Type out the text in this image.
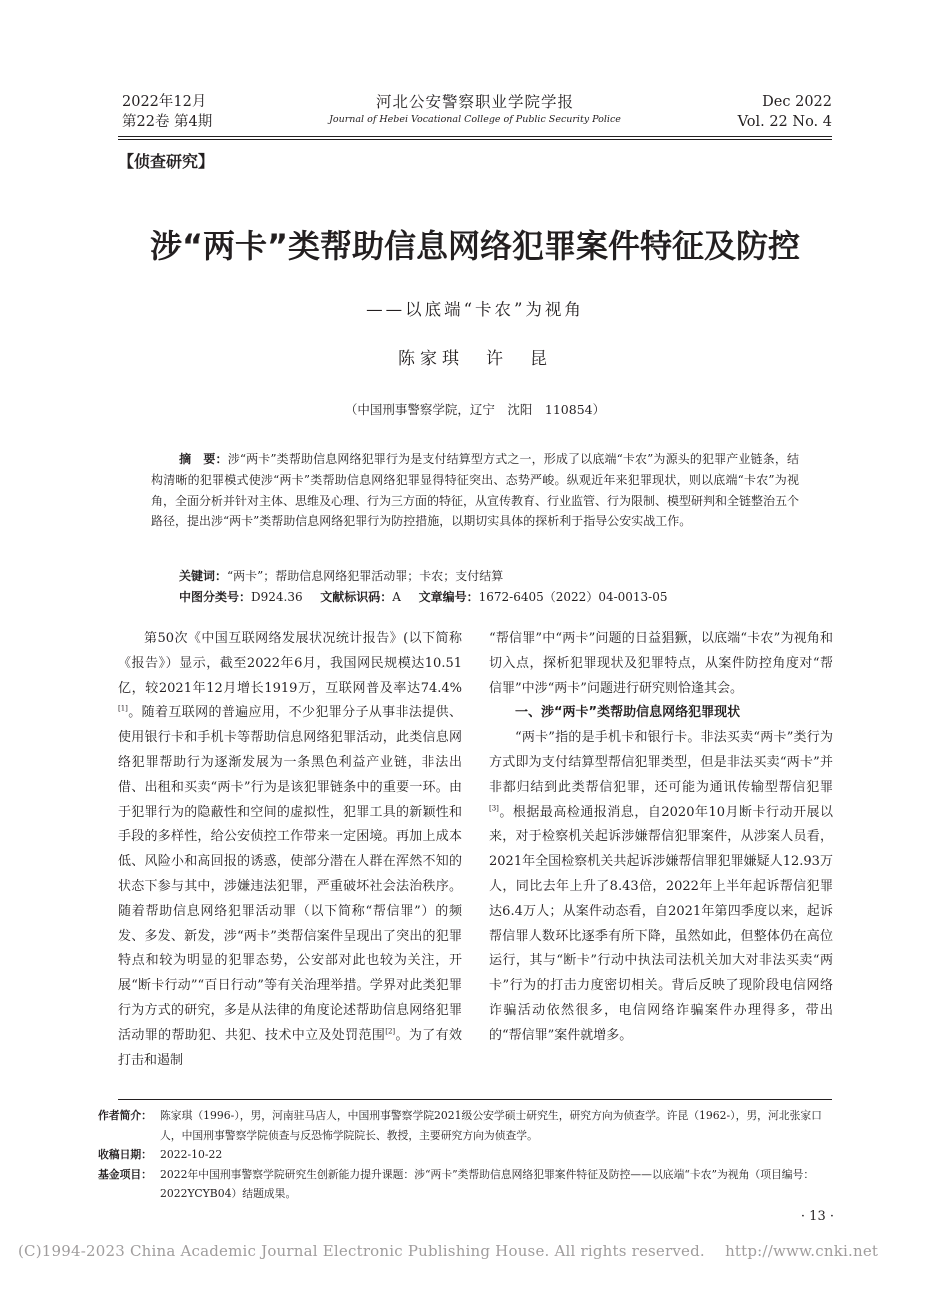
2022年12月
第22卷 第4期
河北公安警察职业学院学报
Journal of Hebei Vocational College of Public Security Police
Dec 2022
Vol. 22 No. 4
【侦查研究】
涉“两卡”类帮助信息网络犯罪案件特征及防控
——以底端“卡农”为视角
陈家琪　许　昆
（中国刑事警察学院，辽宁　沈阳　110854）
摘　要：涉“两卡”类帮助信息网络犯罪行为是支付结算型方式之一，形成了以底端“卡农”为源头的犯罪产业链条，结构清晰的犯罪模式使涉“两卡”类帮助信息网络犯罪显得特征突出、态势严峻。纵观近年来犯罪现状，则以底端“卡农”为视角，全面分析并针对主体、思维及心理、行为三方面的特征，从宣传教育、行业监管、行为限制、模型研判和全链整治五个路径，提出涉“两卡”类帮助信息网络犯罪行为防控措施，以期切实具体的探析利于指导公安实战工作。
关键词：“两卡”；帮助信息网络犯罪活动罪；卡农；支付结算
中图分类号：D924.36 文献标识码：A 文章编号：1672-6405（2022）04-0013-05

第50次《中国互联网络发展状况统计报告》(以下简称《报告》）显示，截至2022年6月，我国网民规模达10.51亿，较2021年12月增长1919万，互联网普及率达74.4%[1]。随着互联网的普遍应用，不少犯罪分子从事非法提供、使用银行卡和手机卡等帮助信息网络犯罪活动，此类信息网络犯罪帮助行为逐渐发展为一条黑色利益产业链，非法出借、出租和买卖“两卡”行为是该犯罪链条中的重要一环。由于犯罪行为的隐蔽性和空间的虚拟性，犯罪工具的新颖性和手段的多样性，给公安侦控工作带来一定困境。再加上成本低、风险小和高回报的诱惑，使部分潜在人群在浑然不知的状态下参与其中，涉嫌违法犯罪，严重破坏社会法治秩序。随着帮助信息网络犯罪活动罪（以下简称“帮信罪”）的频发、多发、新发，涉“两卡”类帮信案件呈现出了突出的犯罪特点和较为明显的犯罪态势，公安部对此也较为关注，开展“断卡行动”“百日行动”等有关治理举措。学界对此类犯罪行为方式的研究，多是从法律的角度论述帮助信息网络犯罪活动罪的帮助犯、共犯、技术中立及处罚范围[2]。为了有效打击和遏制

“帮信罪”中“两卡”问题的日益猖獗，以底端“卡农”为视角和切入点，探析犯罪现状及犯罪特点，从案件防控角度对“帮信罪”中涉“两卡”问题进行研究则恰逢其会。

一、涉“两卡”类帮助信息网络犯罪现状

“两卡”指的是手机卡和银行卡。非法买卖“两卡”类行为方式即为支付结算型帮信犯罪类型，但是非法买卖“两卡”并非都归结到此类帮信犯罪，还可能为通讯传输型帮信犯罪[3]。根据最高检通报消息，自2020年10月断卡行动开展以来，对于检察机关起诉涉嫌帮信犯罪案件，从涉案人员看，2021年全国检察机关共起诉涉嫌帮信罪犯罪嫌疑人12.93万人，同比去年上升了8.43倍，2022年上半年起诉帮信犯罪达6.4万人；从案件动态看，自2021年第四季度以来，起诉帮信罪人数环比逐季有所下降，虽然如此，但整体仍在高位运行，其与“断卡”行动中执法司法机关加大对非法买卖“两卡”行为的打击力度密切相关。背后反映了现阶段电信网络诈骗活动依然很多，电信网络诈骗案件办理得多，带出的“帮信罪”案件就增多。

作者简介： 陈家琪（1996-），男，河南驻马店人，中国刑事警察学院2021级公安学硕士研究生，研究方向为侦查学。许昆（1962-），男，河北张家口人，中国刑事警察学院侦查与反恐怖学院院长、教授，主要研究方向为侦查学。
收稿日期： 2022-10-22
基金项目： 2022年中国刑事警察学院研究生创新能力提升课题：涉“两卡”类帮助信息网络犯罪案件特征及防控——以底端“卡农”为视角（项目编号：2022YCYB04）结题成果。
· 13 ·
(C)1994-2023 China Academic Journal Electronic Publishing House. All rights reserved.　 http://www.cnki.net
